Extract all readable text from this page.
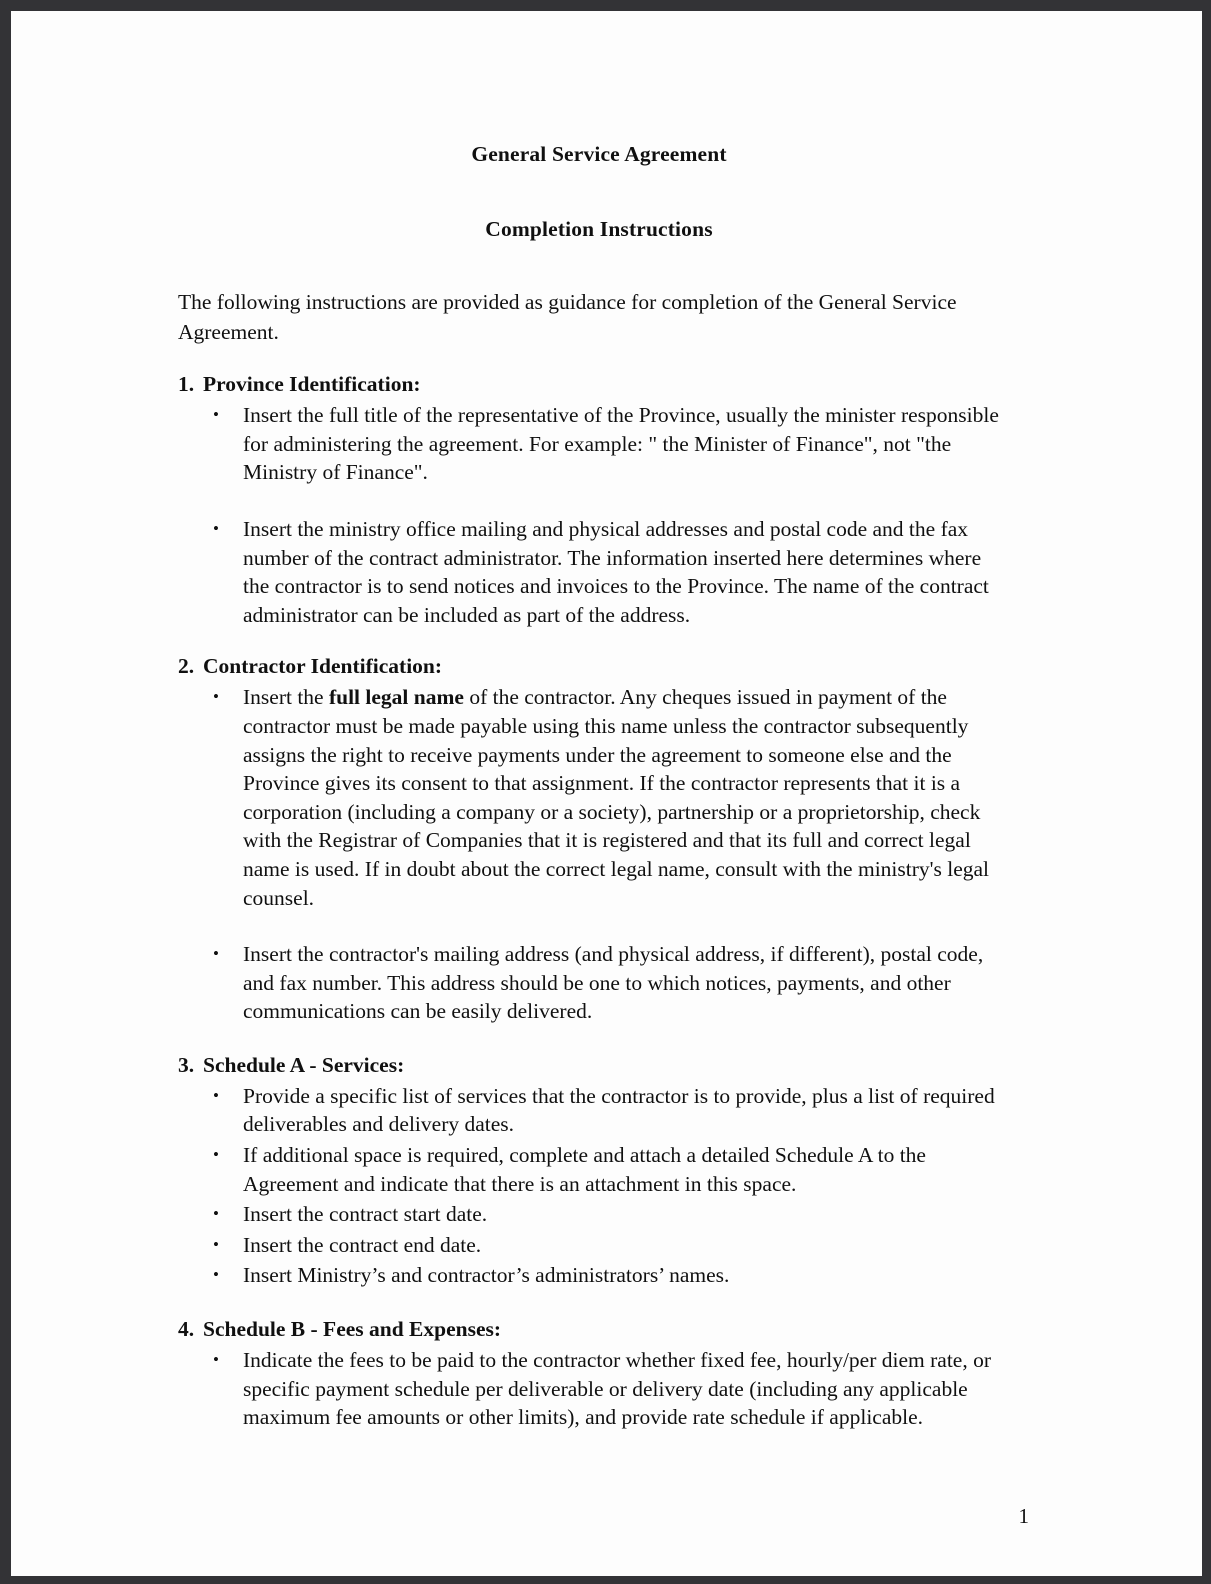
General Service Agreement
Completion Instructions

The following instructions are provided as guidance for completion of the General Service Agreement.

1. Province Identification:
• Insert the full title of the representative of the Province, usually the minister responsible for administering the agreement. For example: " the Minister of Finance", not "the Ministry of Finance".
• Insert the ministry office mailing and physical addresses and postal code and the fax number of the contract administrator. The information inserted here determines where the contractor is to send notices and invoices to the Province. The name of the contract administrator can be included as part of the address.
2. Contractor Identification:
• Insert the full legal name of the contractor. Any cheques issued in payment of the contractor must be made payable using this name unless the contractor subsequently assigns the right to receive payments under the agreement to someone else and the Province gives its consent to that assignment. If the contractor represents that it is a corporation (including a company or a society), partnership or a proprietorship, check with the Registrar of Companies that it is registered and that its full and correct legal name is used. If in doubt about the correct legal name, consult with the ministry's legal counsel.
• Insert the contractor's mailing address (and physical address, if different), postal code, and fax number. This address should be one to which notices, payments, and other communications can be easily delivered.
3. Schedule A - Services:
• Provide a specific list of services that the contractor is to provide, plus a list of required deliverables and delivery dates.
• If additional space is required, complete and attach a detailed Schedule A to the Agreement and indicate that there is an attachment in this space.
• Insert the contract start date.
• Insert the contract end date.
• Insert Ministry’s and contractor’s administrators’ names.
4. Schedule B - Fees and Expenses:
• Indicate the fees to be paid to the contractor whether fixed fee, hourly/per diem rate, or specific payment schedule per deliverable or delivery date (including any applicable maximum fee amounts or other limits), and provide rate schedule if applicable.
1
